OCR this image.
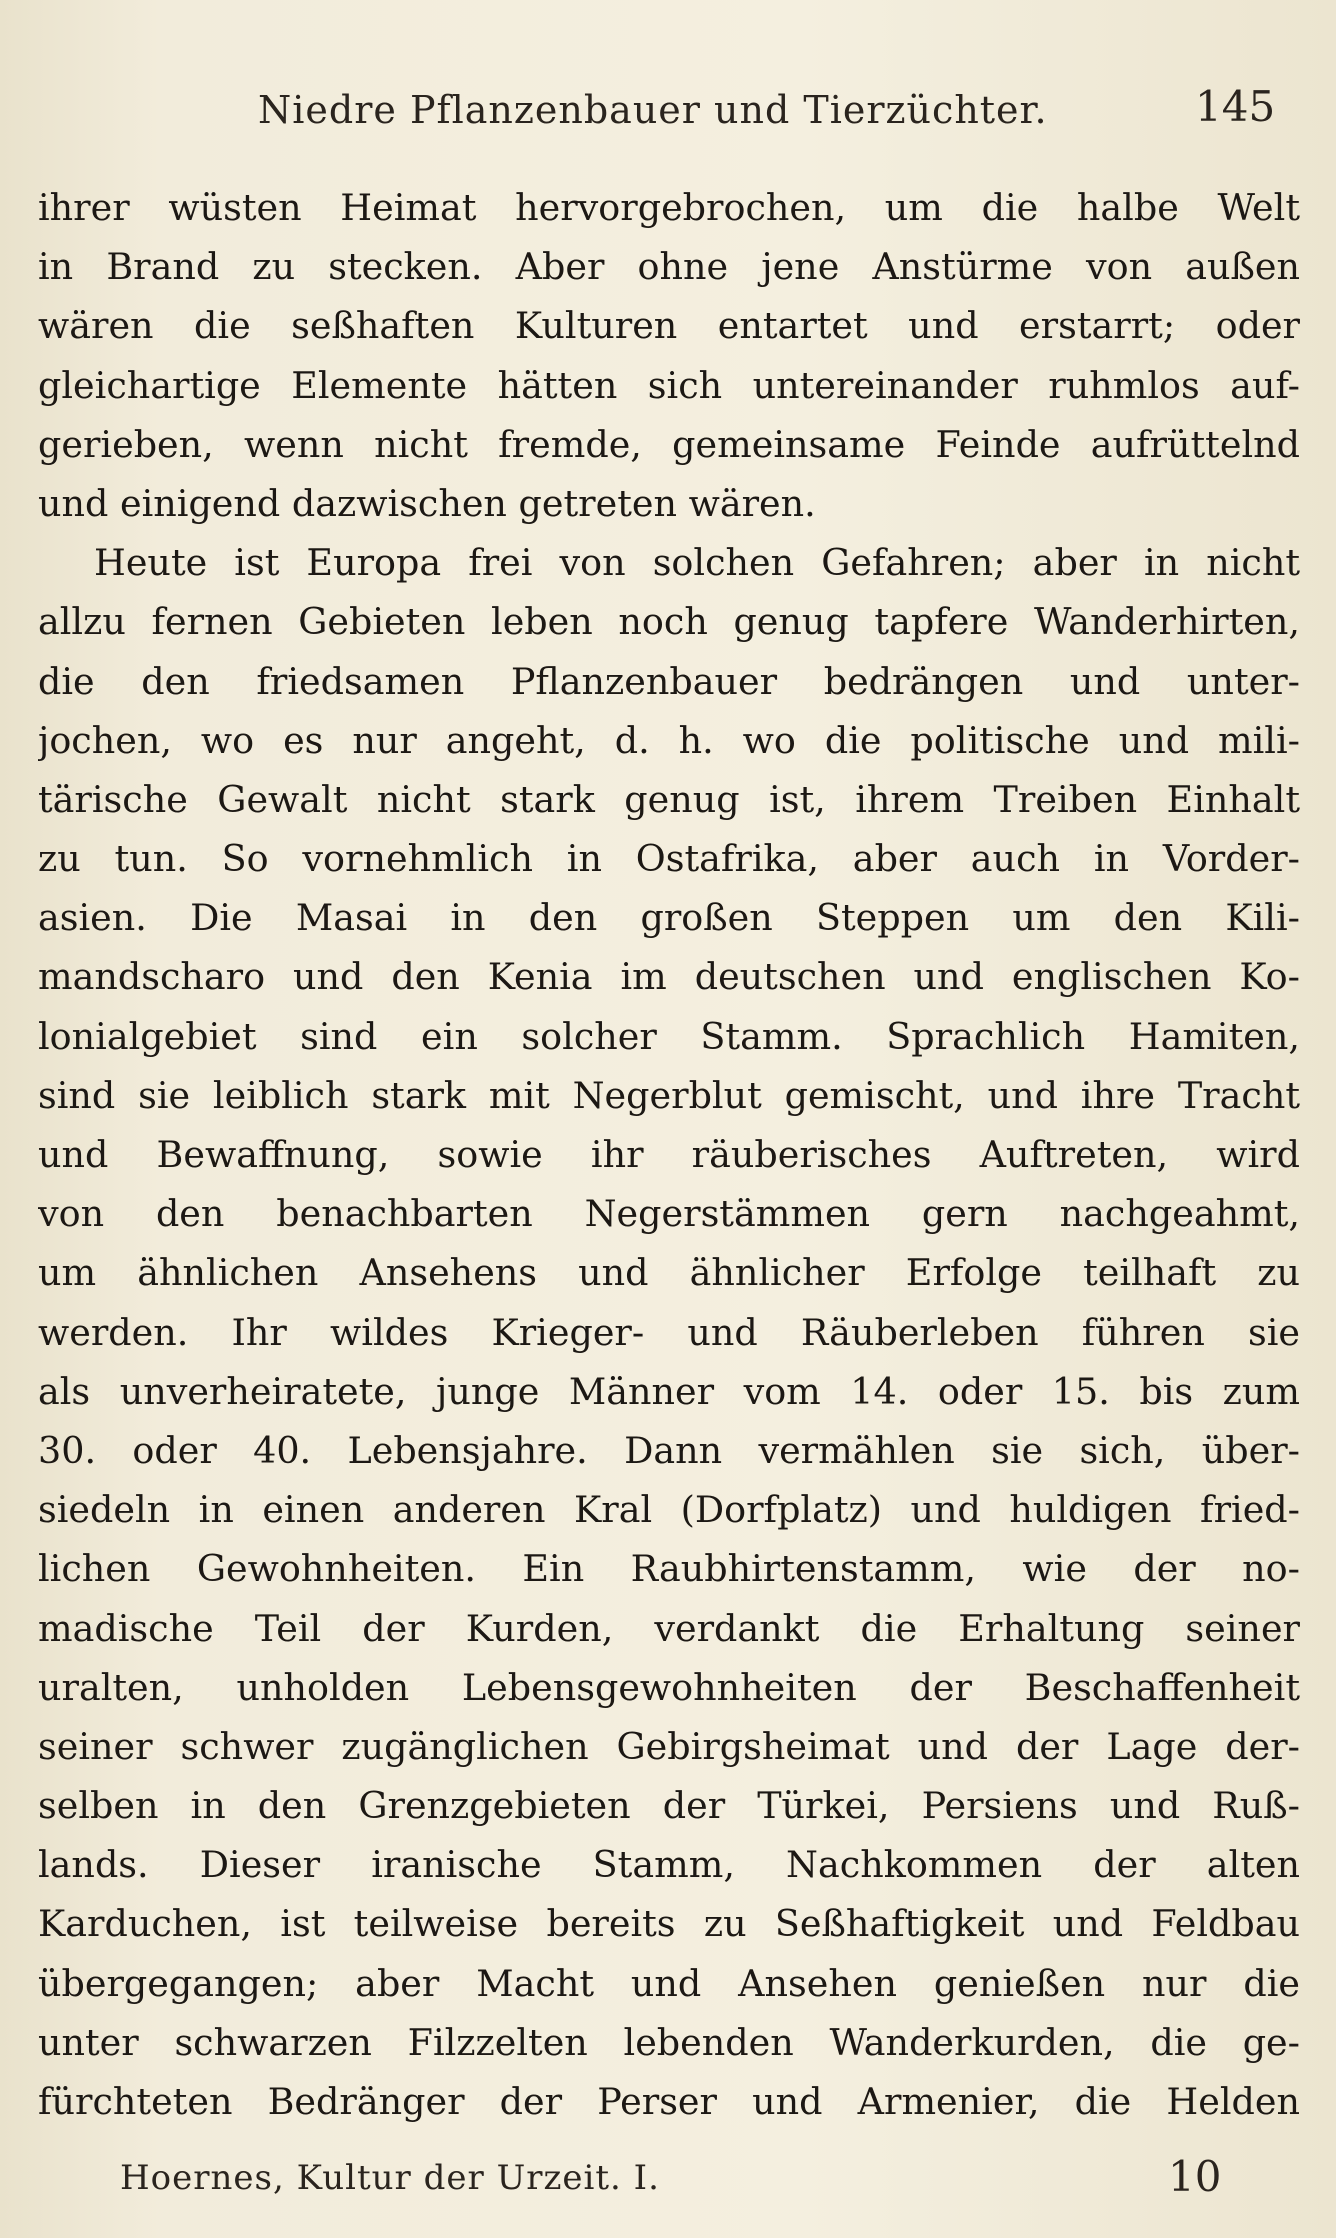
Niedre Pflanzenbauer und Tierzüchter.	145
ihrer wüsten Heimat hervorgebrochen, um die halbe Welt
in Brand zu stecken. Aber ohne jene Anstürme von außen
wären die seßhaften Kulturen entartet und erstarrt; oder
gleichartige Elemente hätten sich untereinander ruhmlos auf-
gerieben, wenn nicht fremde, gemeinsame Feinde aufrüttelnd
und einigend dazwischen getreten wären.
Heute ist Europa frei von solchen Gefahren; aber in nicht
allzu fernen Gebieten leben noch genug tapfere Wanderhirten,
die den friedsamen Pflanzenbauer bedrängen und unter-
jochen, wo es nur angeht, d. h. wo die politische und mili-
tärische Gewalt nicht stark genug ist, ihrem Treiben Einhalt
zu tun. So vornehmlich in Ostafrika, aber auch in Vorder-
asien. Die Masai in den großen Steppen um den Kili-
mandscharo und den Kenia im deutschen und englischen Ko-
lonialgebiet sind ein solcher Stamm. Sprachlich Hamiten,
sind sie leiblich stark mit Negerblut gemischt, und ihre Tracht
und Bewaffnung, sowie ihr räuberisches Auftreten, wird
von den benachbarten Negerstämmen gern nachgeahmt,
um ähnlichen Ansehens und ähnlicher Erfolge teilhaft zu
werden. Ihr wildes Krieger- und Räuberleben führen sie
als unverheiratete, junge Männer vom 14. oder 15. bis zum
30. oder 40. Lebensjahre. Dann vermählen sie sich, über-
siedeln in einen anderen Kral (Dorfplatz) und huldigen fried-
lichen Gewohnheiten. Ein Raubhirtenstamm, wie der no-
madische Teil der Kurden, verdankt die Erhaltung seiner
uralten, unholden Lebensgewohnheiten der Beschaffenheit
seiner schwer zugänglichen Gebirgsheimat und der Lage der-
selben in den Grenzgebieten der Türkei, Persiens und Ruß-
lands. Dieser iranische Stamm, Nachkommen der alten
Karduchen, ist teilweise bereits zu Seßhaftigkeit und Feldbau
übergegangen; aber Macht und Ansehen genießen nur die
unter schwarzen Filzzelten lebenden Wanderkurden, die ge-
fürchteten Bedränger der Perser und Armenier, die Helden
Hoernes, Kultur der Urzeit. I.	10
